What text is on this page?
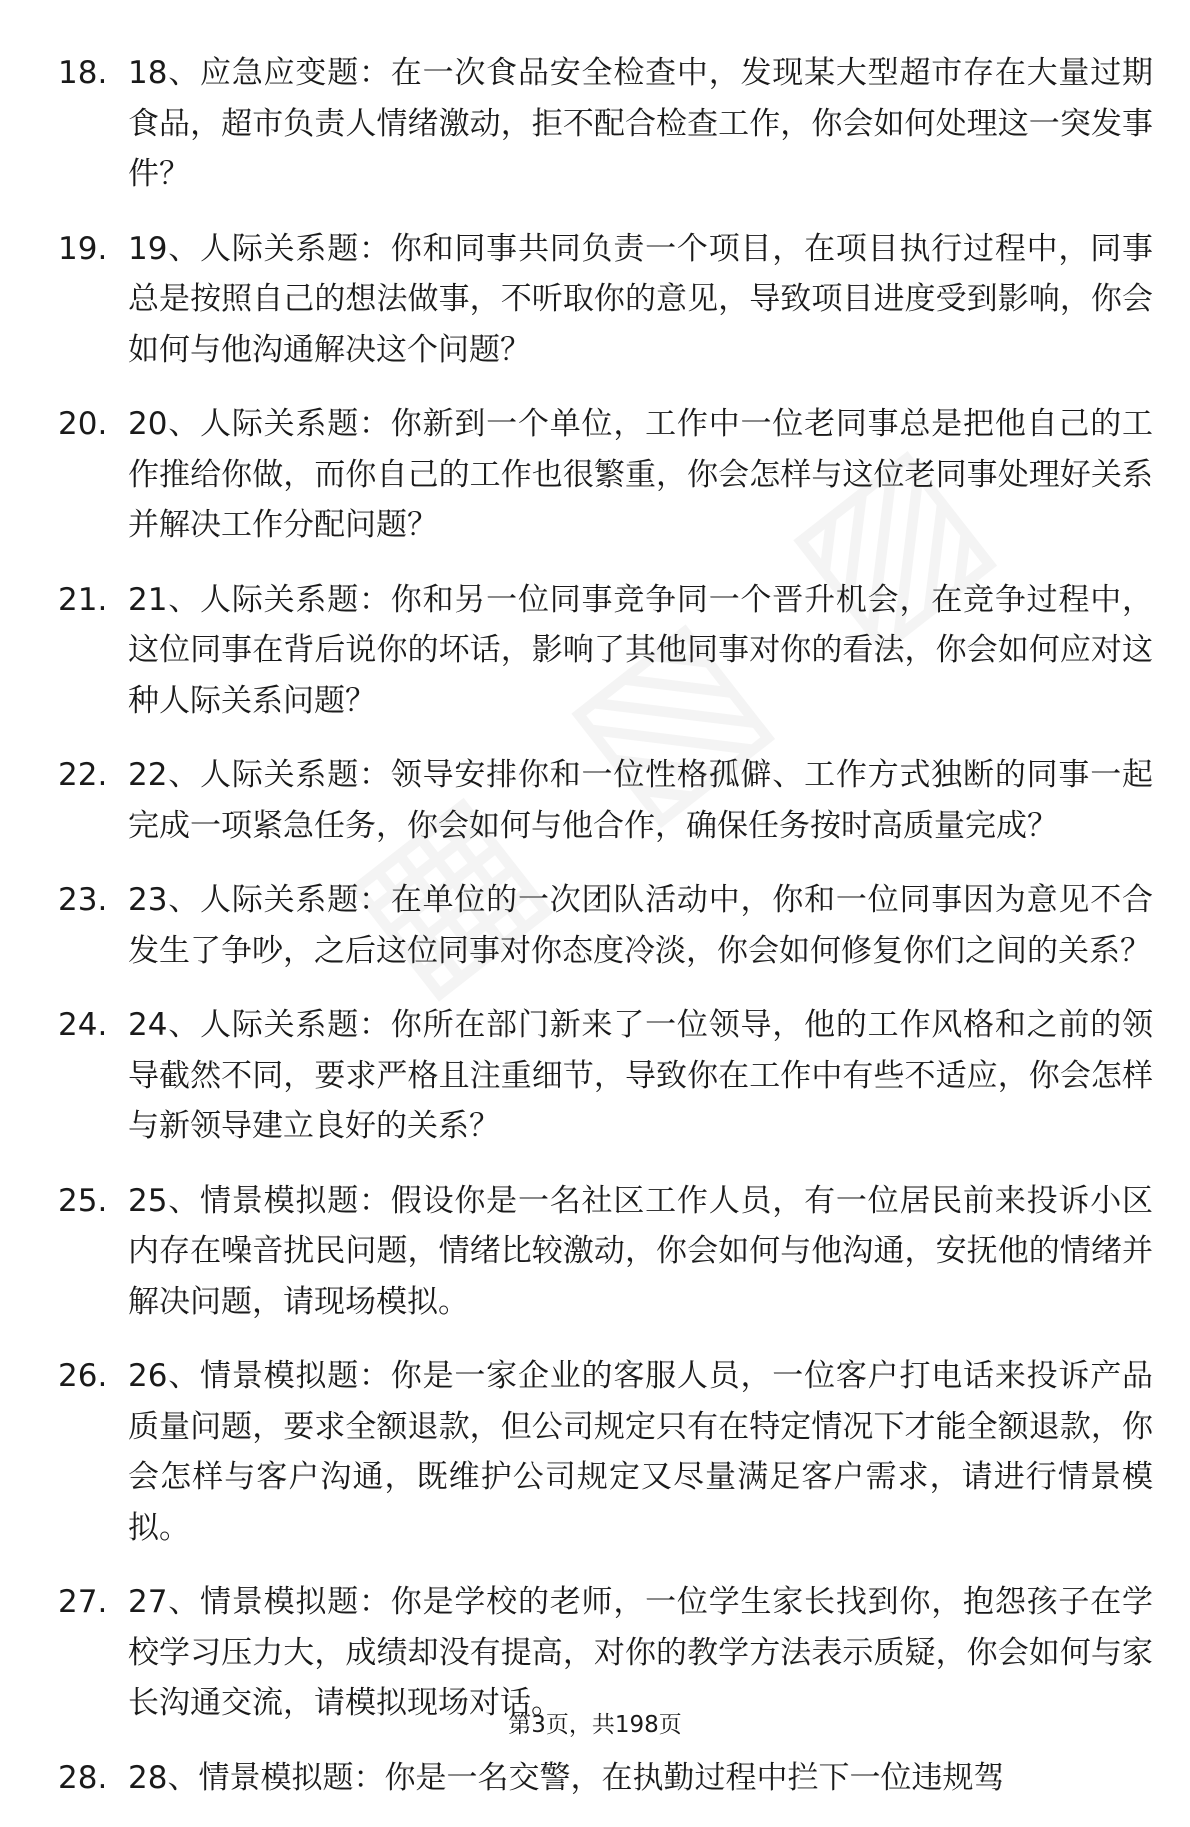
18. 18、应急应变题：在一次食品安全检查中，发现某大型超市存在大量过期食品，超市负责人情绪激动，拒不配合检查工作，你会如何处理这一突发事件？
19. 19、人际关系题：你和同事共同负责一个项目，在项目执行过程中，同事总是按照自己的想法做事，不听取你的意见，导致项目进度受到影响，你会如何与他沟通解决这个问题？
20. 20、人际关系题：你新到一个单位，工作中一位老同事总是把他自己的工作推给你做，而你自己的工作也很繁重，你会怎样与这位老同事处理好关系并解决工作分配问题？
21. 21、人际关系题：你和另一位同事竞争同一个晋升机会，在竞争过程中，这位同事在背后说你的坏话，影响了其他同事对你的看法，你会如何应对这种人际关系问题？
22. 22、人际关系题：领导安排你和一位性格孤僻、工作方式独断的同事一起完成一项紧急任务，你会如何与他合作，确保任务按时高质量完成？
23. 23、人际关系题：在单位的一次团队活动中，你和一位同事因为意见不合发生了争吵，之后这位同事对你态度冷淡，你会如何修复你们之间的关系？
24. 24、人际关系题：你所在部门新来了一位领导，他的工作风格和之前的领导截然不同，要求严格且注重细节，导致你在工作中有些不适应，你会怎样与新领导建立良好的关系？
25. 25、情景模拟题：假设你是一名社区工作人员，有一位居民前来投诉小区内存在噪音扰民问题，情绪比较激动，你会如何与他沟通，安抚他的情绪并解决问题，请现场模拟。
26. 26、情景模拟题：你是一家企业的客服人员，一位客户打电话来投诉产品质量问题，要求全额退款，但公司规定只有在特定情况下才能全额退款，你会怎样与客户沟通，既维护公司规定又尽量满足客户需求，请进行情景模拟。
27. 27、情景模拟题：你是学校的老师，一位学生家长找到你，抱怨孩子在学校学习压力大，成绩却没有提高，对你的教学方法表示质疑，你会如何与家长沟通交流，请模拟现场对话。
28. 28、情景模拟题：你是一名交警，在执勤过程中拦下一位违规驾
第3页，共198页
